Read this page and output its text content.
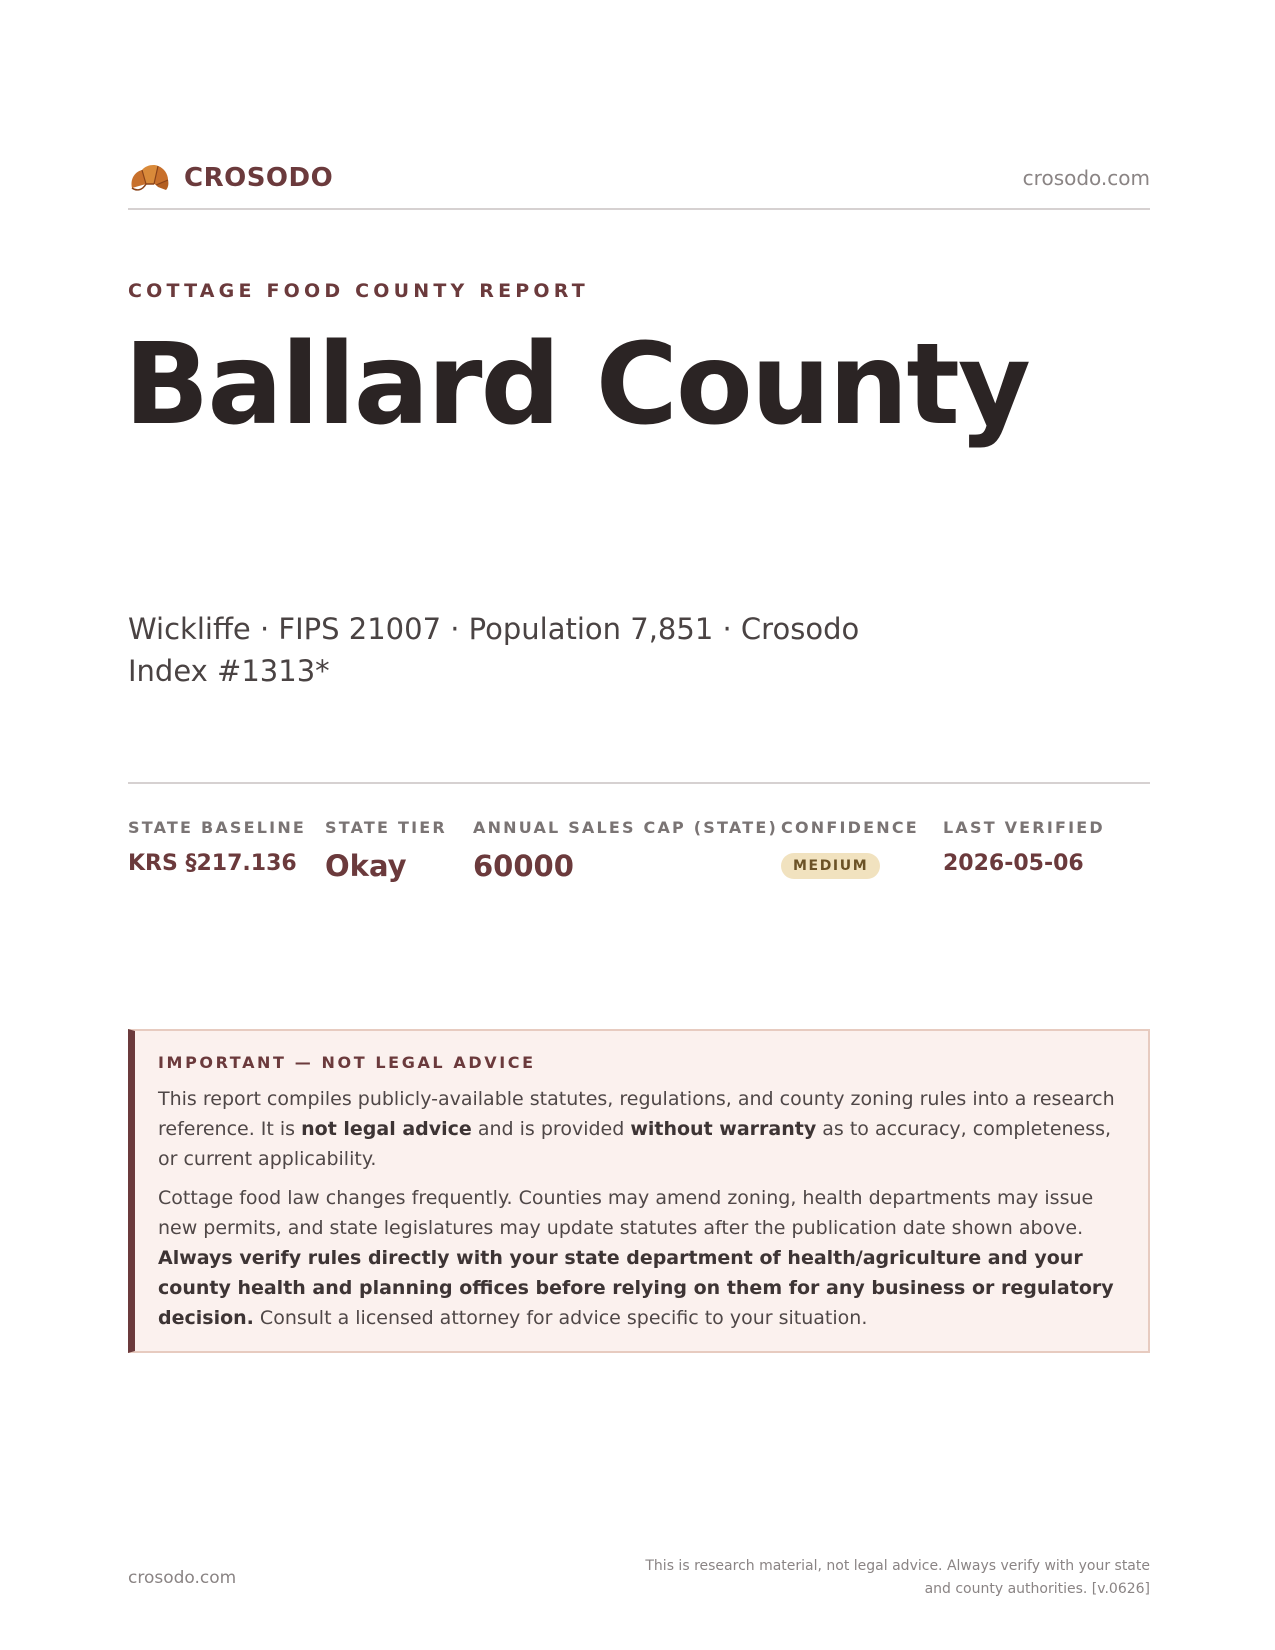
CROSODO	crosodo.com
COTTAGE FOOD COUNTY REPORT
Ballard County
Wickliffe · FIPS 21007 · Population 7,851 · Crosodo Index #1313*
STATE BASELINE
KRS §217.136
STATE TIER
Okay
ANNUAL SALES CAP (STATE)
60000
CONFIDENCE
MEDIUM
LAST VERIFIED
2026-05-06
IMPORTANT — NOT LEGAL ADVICE

This report compiles publicly-available statutes, regulations, and county zoning rules into a research reference. It is not legal advice and is provided without warranty as to accuracy, completeness, or current applicability.

Cottage food law changes frequently. Counties may amend zoning, health departments may issue new permits, and state legislatures may update statutes after the publication date shown above. Always verify rules directly with your state department of health/agriculture and your county health and planning offices before relying on them for any business or regulatory decision. Consult a licensed attorney for advice specific to your situation.

crosodo.com
This is research material, not legal advice. Always verify with your state and county authorities. [v.0626]
